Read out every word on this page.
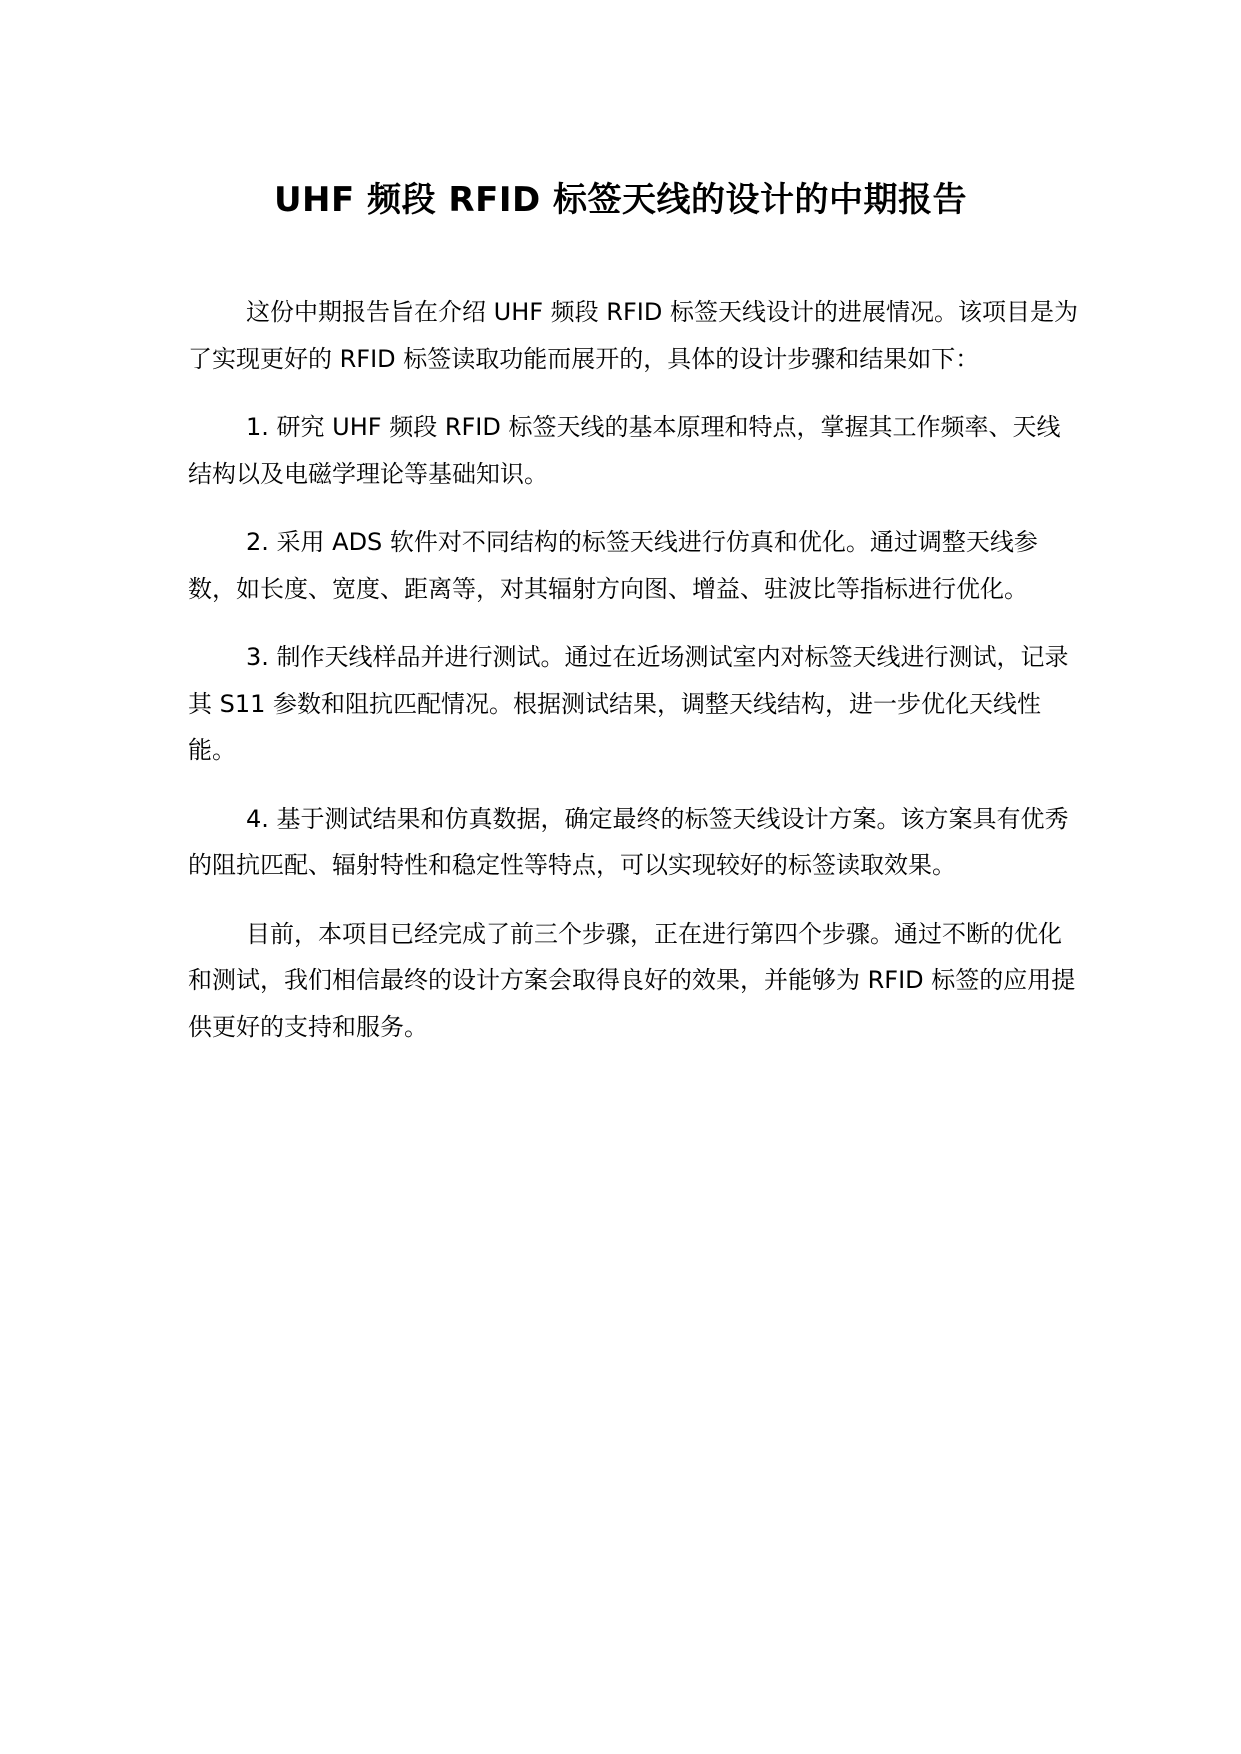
UHF 频段 RFID 标签天线的设计的中期报告

这份中期报告旨在介绍 UHF 频段 RFID 标签天线设计的进展情况。该项目是为了实现更好的 RFID 标签读取功能而展开的，具体的设计步骤和结果如下：

1. 研究 UHF 频段 RFID 标签天线的基本原理和特点，掌握其工作频率、天线结构以及电磁学理论等基础知识。

2. 采用 ADS 软件对不同结构的标签天线进行仿真和优化。通过调整天线参数，如长度、宽度、距离等，对其辐射方向图、增益、驻波比等指标进行优化。

3. 制作天线样品并进行测试。通过在近场测试室内对标签天线进行测试，记录其 S11 参数和阻抗匹配情况。根据测试结果，调整天线结构，进一步优化天线性能。

4. 基于测试结果和仿真数据，确定最终的标签天线设计方案。该方案具有优秀的阻抗匹配、辐射特性和稳定性等特点，可以实现较好的标签读取效果。

目前，本项目已经完成了前三个步骤，正在进行第四个步骤。通过不断的优化和测试，我们相信最终的设计方案会取得良好的效果，并能够为 RFID 标签的应用提供更好的支持和服务。
